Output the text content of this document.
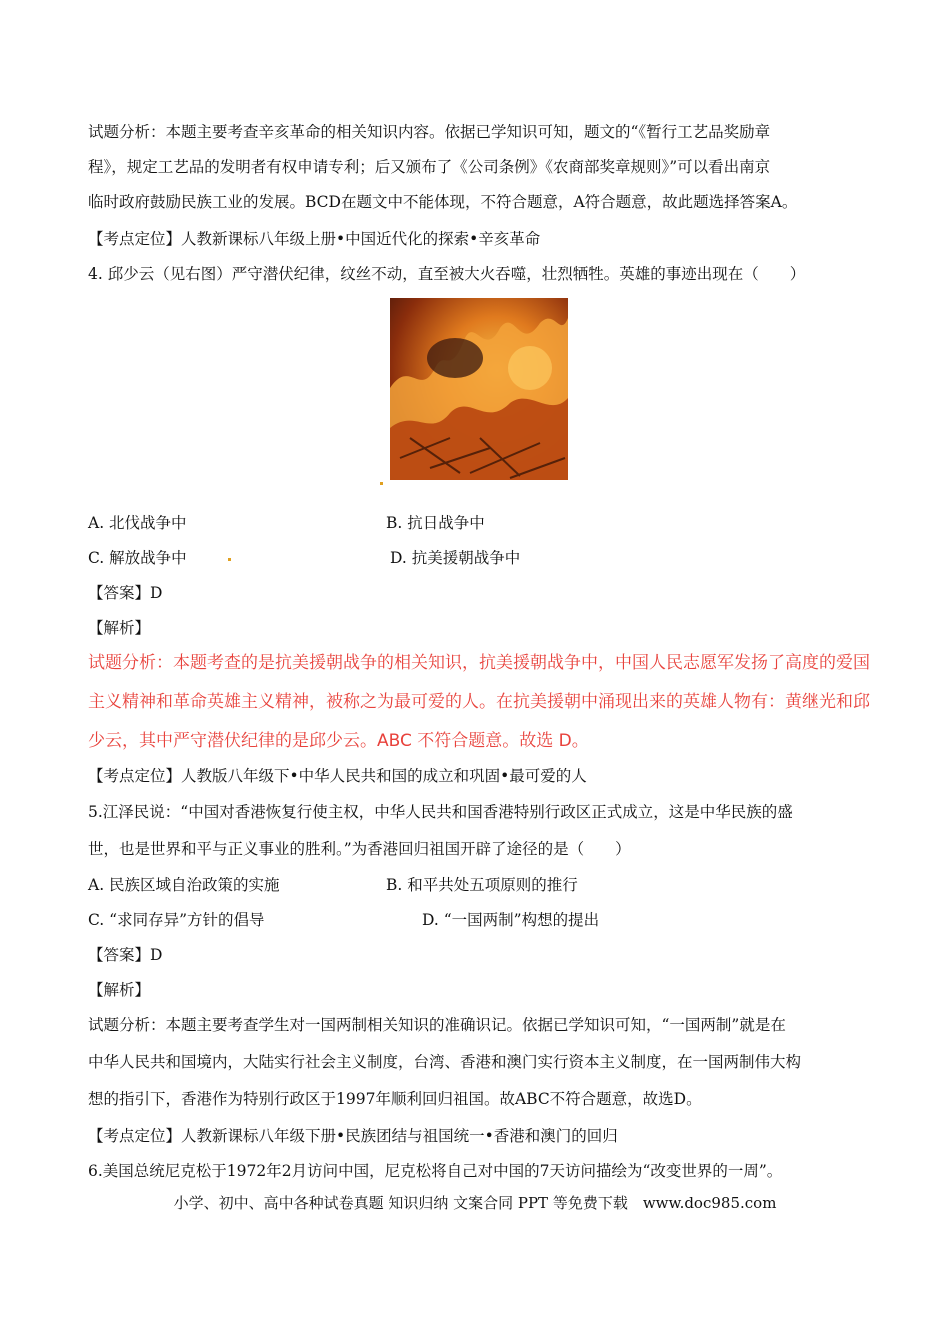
试题分析：本题主要考查辛亥革命的相关知识内容。依据已学知识可知，题文的“《暂行工艺品奖励章
程》，规定工艺品的发明者有权申请专利；后又颁布了《公司条例》《农商部奖章规则》”可以看出南京
临时政府鼓励民族工业的发展。BCD在题文中不能体现，不符合题意，A符合题意，故此题选择答案A。
【考点定位】人教新课标八年级上册•中国近代化的探索•辛亥革命
4. 邱少云（见右图）严守潜伏纪律，纹丝不动，直至被大火吞噬，壮烈牺牲。英雄的事迹出现在（　　）
A. 北伐战争中	B. 抗日战争中
C. 解放战争中	D. 抗美援朝战争中
【答案】D
【解析】
试题分析：本题考查的是抗美援朝战争的相关知识，抗美援朝战争中，中国人民志愿军发扬了高度的爱国
主义精神和革命英雄主义精神，被称之为最可爱的人。在抗美援朝中涌现出来的英雄人物有：黄继光和邱
少云，其中严守潜伏纪律的是邱少云。ABC 不符合题意。故选 D。
【考点定位】人教版八年级下•中华人民共和国的成立和巩固•最可爱的人
5.江泽民说：“中国对香港恢复行使主权，中华人民共和国香港特别行政区正式成立，这是中华民族的盛
世，也是世界和平与正义事业的胜利。”为香港回归祖国开辟了途径的是（　　）
A. 民族区域自治政策的实施	B. 和平共处五项原则的推行
C. “求同存异”方针的倡导	D. “一国两制”构想的提出
【答案】D
【解析】
试题分析：本题主要考查学生对一国两制相关知识的准确识记。依据已学知识可知，“一国两制”就是在
中华人民共和国境内，大陆实行社会主义制度，台湾、香港和澳门实行资本主义制度，在一国两制伟大构
想的指引下，香港作为特别行政区于1997年顺利回归祖国。故ABC不符合题意，故选D。
【考点定位】人教新课标八年级下册•民族团结与祖国统一•香港和澳门的回归
6.美国总统尼克松于1972年2月访问中国，尼克松将自己对中国的7天访问描绘为“改变世界的一周”。
小学、初中、高中各种试卷真题 知识归纳 文案合同 PPT 等免费下载　www.doc985.com
